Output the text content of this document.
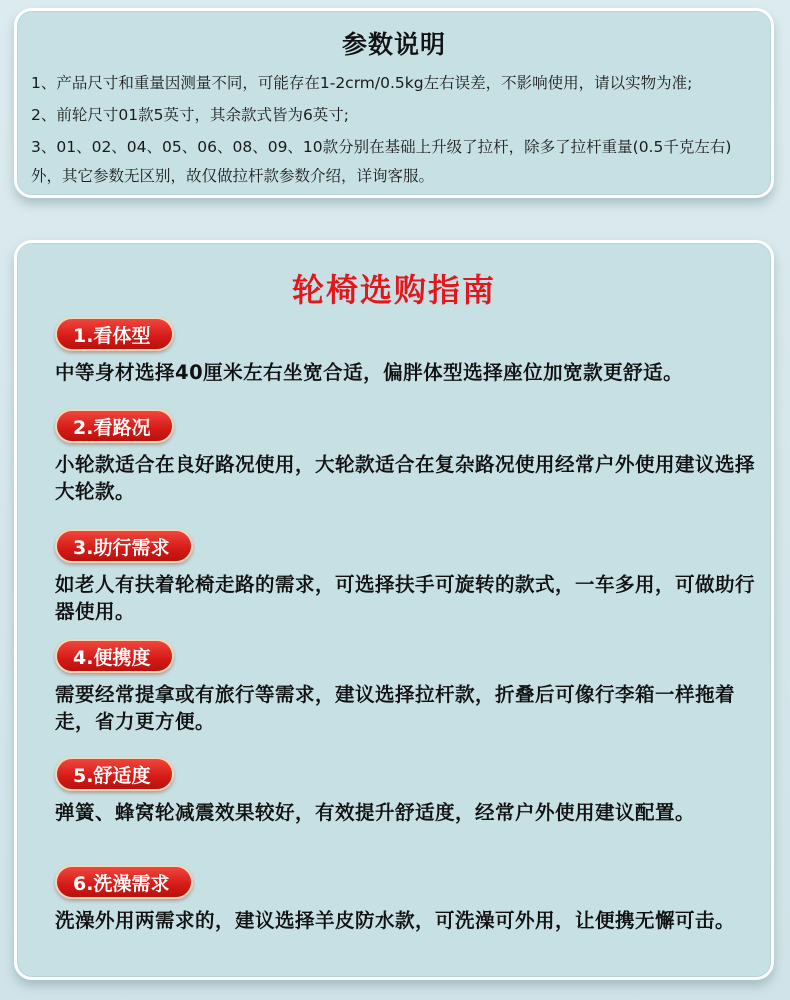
参数说明
1、产品尺寸和重量因测量不同，可能存在1-2crm/0.5kg左右误差，不影响使用，请以实物为准;
2、前轮尺寸01款5英寸，其余款式皆为6英寸;
3、01、02、04、05、06、08、09、10款分别在基础上升级了拉杆，除多了拉杆重量(0.5千克左右)外，其它参数无区别，故仅做拉杆款参数介绍，详询客服。
轮椅选购指南
1.看体型

中等身材选择40厘米左右坐宽合适，偏胖体型选择座位加宽款更舒适。

2.看路况

小轮款适合在良好路况使用，大轮款适合在复杂路况使用经常户外使用建议选择大轮款。

3.助行需求

如老人有扶着轮椅走路的需求，可选择扶手可旋转的款式，一车多用，可做助行器使用。

4.便携度

需要经常提拿或有旅行等需求，建议选择拉杆款，折叠后可像行李箱一样拖着走，省力更方便。

5.舒适度

弹簧、蜂窝轮减震效果较好，有效提升舒适度，经常户外使用建议配置。

6.洗澡需求

洗澡外用两需求的，建议选择羊皮防水款，可洗澡可外用，让便携无懈可击。
